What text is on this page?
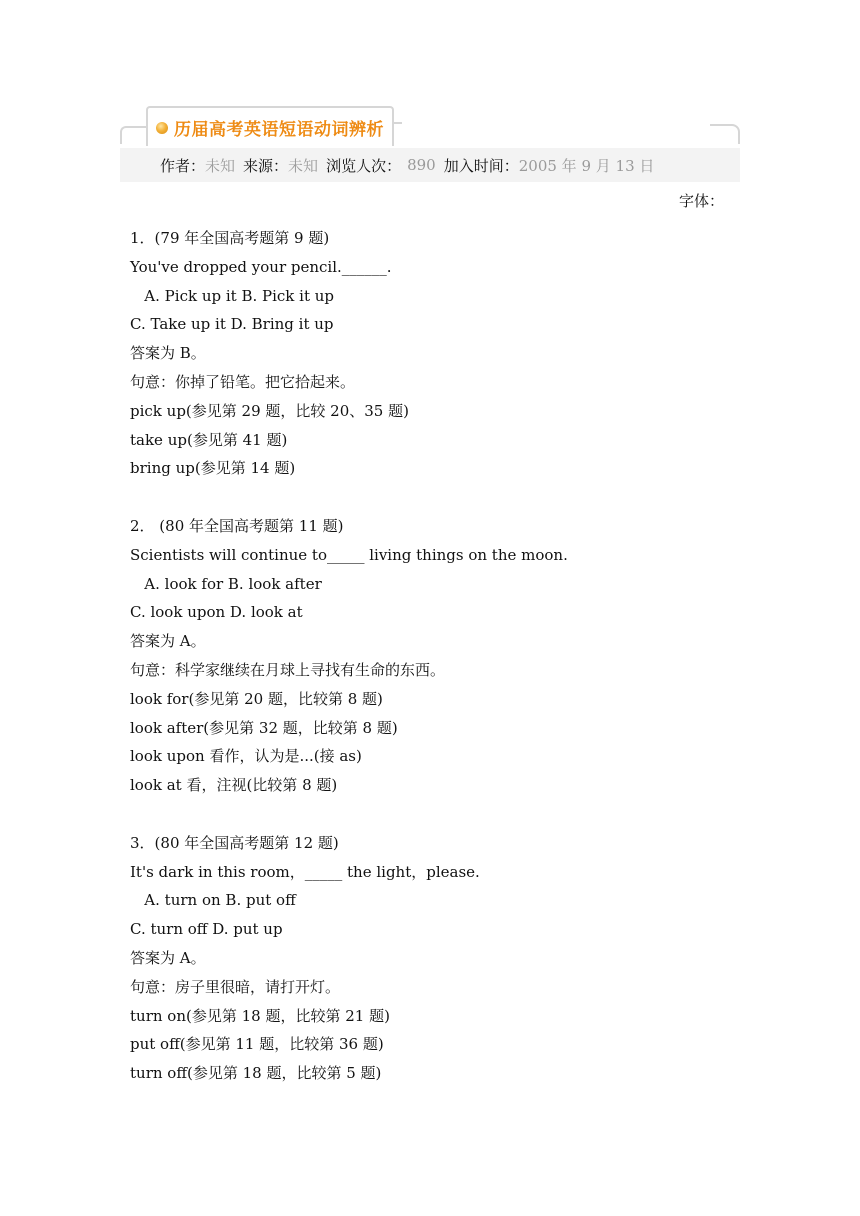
历届高考英语短语动词辨析
作者： 未知 来源： 未知 浏览人次： 890 加入时间： 2005 年 9 月 13 日
字体：

1．(79 年全国高考题第 9 题)

You've dropped your pencil.______.

A. Pick up it B. Pick it up

C. Take up it D. Bring it up

答案为 B。

句意：你掉了铅笔。把它拾起来。

pick up(参见第 29 题，比较 20、35 题)

take up(参见第 41 题)

bring up(参见第 14 题)

2． (80 年全国高考题第 11 题)

Scientists will continue to_____ living things on the moon.

A. look for B. look after

C. look upon D. look at

答案为 A。

句意：科学家继续在月球上寻找有生命的东西。

look for(参见第 20 题，比较第 8 题)

look after(参见第 32 题，比较第 8 题)

look upon 看作，认为是...(接 as)

look at 看，注视(比较第 8 题)

3．(80 年全国高考题第 12 题)

It's dark in this room，_____ the light，please.

A. turn on B. put off

C. turn off D. put up

答案为 A。

句意：房子里很暗，请打开灯。

turn on(参见第 18 题，比较第 21 题)

put off(参见第 11 题，比较第 36 题)

turn off(参见第 18 题，比较第 5 题)
